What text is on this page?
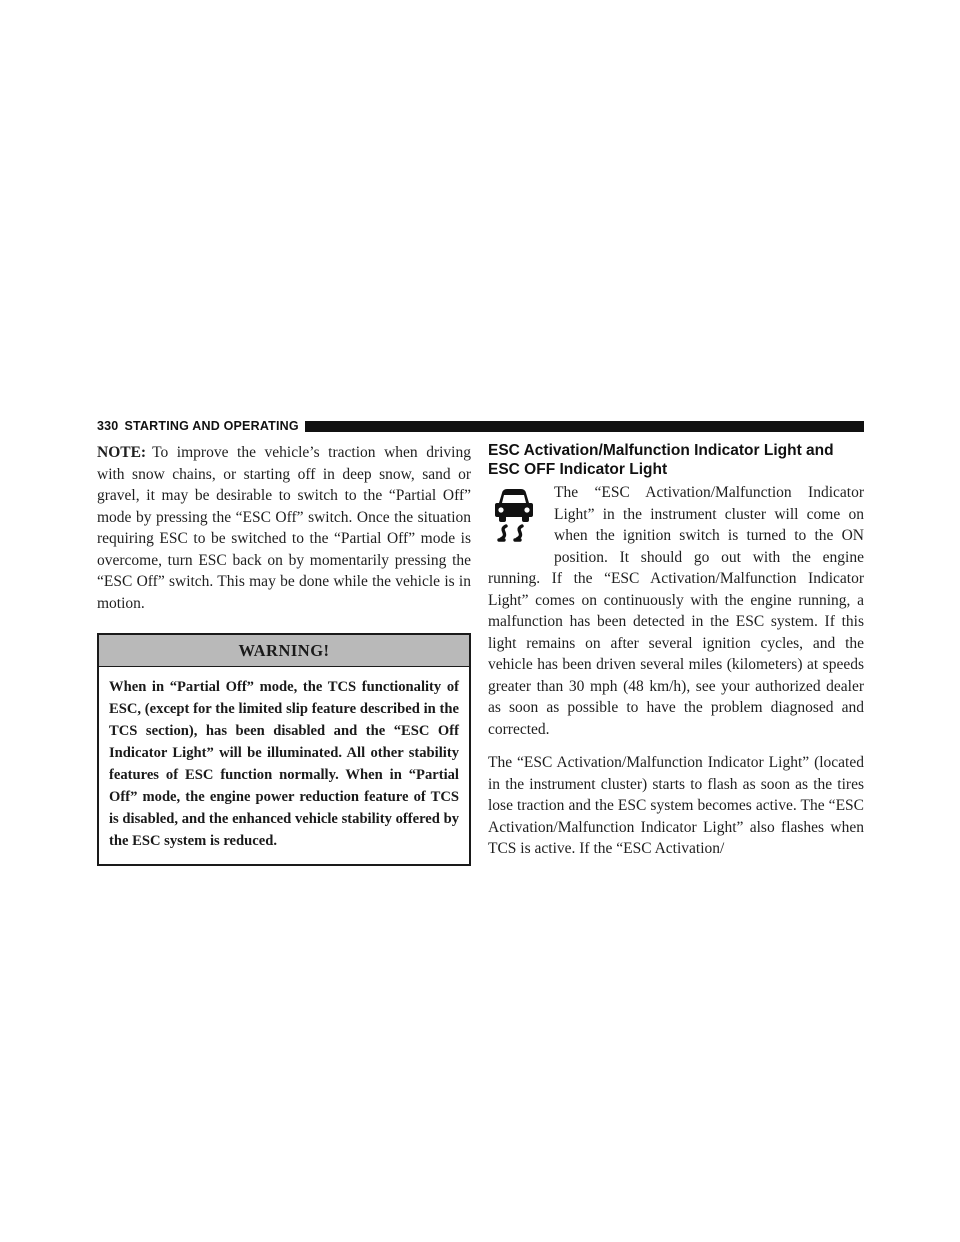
330 STARTING AND OPERATING

NOTE: To improve the vehicle’s traction when driving with snow chains, or starting off in deep snow, sand or gravel, it may be desirable to switch to the “Partial Off” mode by pressing the “ESC Off” switch. Once the situation requiring ESC to be switched to the “Partial Off” mode is overcome, turn ESC back on by momentarily pressing the “ESC Off” switch. This may be done while the vehicle is in motion.

WARNING!
When in “Partial Off” mode, the TCS functionality of ESC, (except for the limited slip feature described in the TCS section), has been disabled and the “ESC Off Indicator Light” will be illuminated. All other stability features of ESC function normally. When in “Partial Off” mode, the engine power reduction feature of TCS is disabled, and the enhanced vehicle stability offered by the ESC system is reduced.
ESC Activation/Malfunction Indicator Light and ESC OFF Indicator Light

The “ESC Activation/Malfunction Indicator Light” in the instrument cluster will come on when the ignition switch is turned to the ON position. It should go out with the engine running. If the “ESC Activation/Malfunction Indicator Light” comes on continuously with the engine running, a malfunction has been detected in the ESC system. If this light remains on after several ignition cycles, and the vehicle has been driven several miles (kilometers) at speeds greater than 30 mph (48 km/h), see your authorized dealer as soon as possible to have the problem diagnosed and corrected.

The “ESC Activation/Malfunction Indicator Light” (located in the instrument cluster) starts to flash as soon as the tires lose traction and the ESC system becomes active. The “ESC Activation/Malfunction Indicator Light” also flashes when TCS is active. If the “ESC Activation/
